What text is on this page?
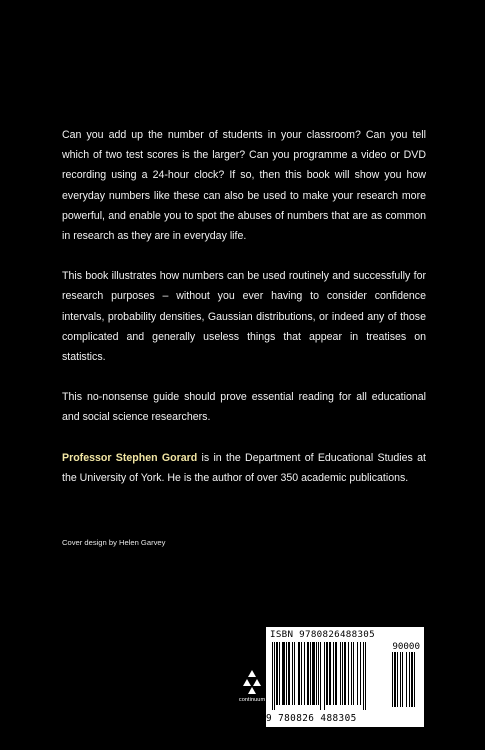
Can you add up the number of students in your classroom? Can you tell which of two test scores is the larger? Can you programme a video or DVD recording using a 24-hour clock? If so, then this book will show you how everyday numbers like these can also be used to make your research more powerful, and enable you to spot the abuses of numbers that are as common in research as they are in everyday life.

This book illustrates how numbers can be used routinely and successfully for research purposes – without you ever having to consider confidence intervals, probability densities, Gaussian distributions, or indeed any of those complicated and generally useless things that appear in treatises on statistics.

This no-nonsense guide should prove essential reading for all educational and social science researchers.

Professor Stephen Gorard is in the Department of Educational Studies at the University of York. He is the author of over 350 academic publications.

Cover design by Helen Garvey
continuum
ISBN 9780826488305
90000
9 780826 488305
